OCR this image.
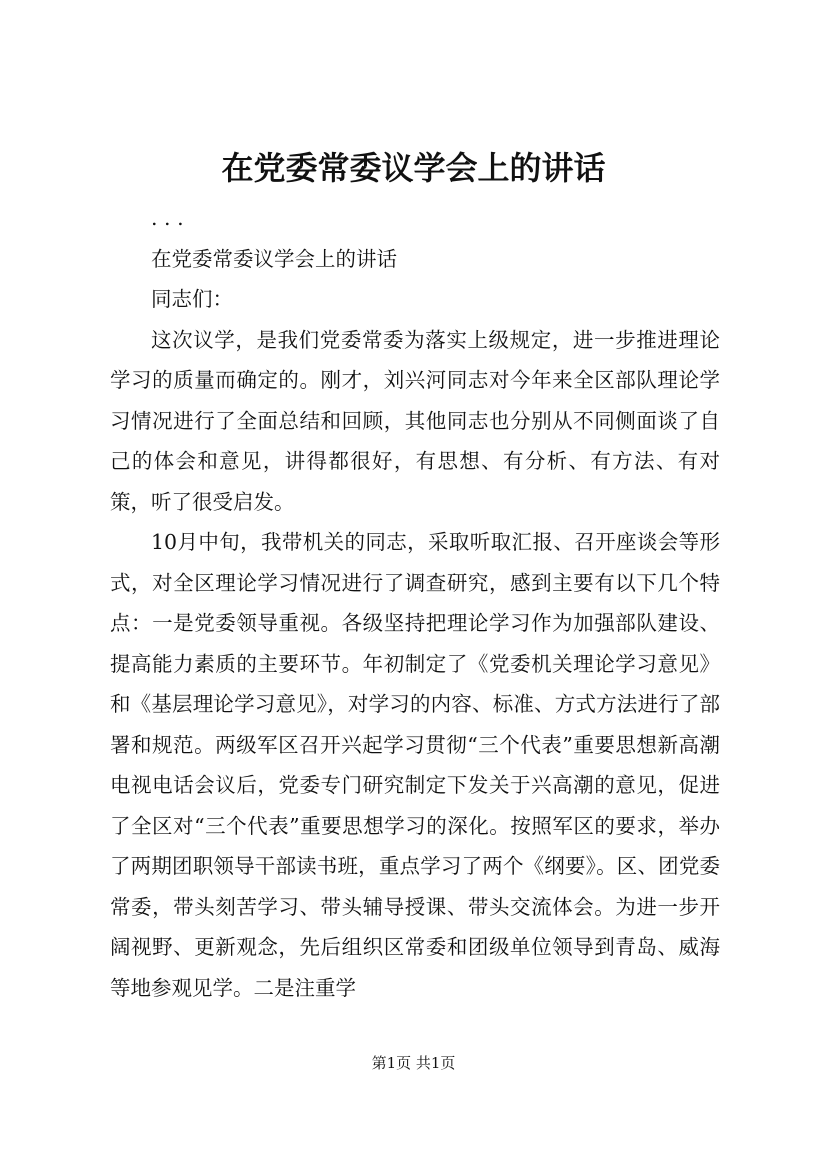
在党委常委议学会上的讲话

. . .

在党委常委议学会上的讲话

同志们：

这次议学，是我们党委常委为落实上级规定，进一步推进理论学习的质量而确定的。刚才，刘兴河同志对今年来全区部队理论学习情况进行了全面总结和回顾，其他同志也分别从不同侧面谈了自己的体会和意见，讲得都很好，有思想、有分析、有方法、有对策，听了很受启发。

10月中旬，我带机关的同志，采取听取汇报、召开座谈会等形式，对全区理论学习情况进行了调查研究，感到主要有以下几个特点：一是党委领导重视。各级坚持把理论学习作为加强部队建设、提高能力素质的主要环节。年初制定了《党委机关理论学习意见》和《基层理论学习意见》，对学习的内容、标准、方式方法进行了部署和规范。两级军区召开兴起学习贯彻“三个代表”重要思想新高潮电视电话会议后，党委专门研究制定下发关于兴高潮的意见，促进了全区对“三个代表”重要思想学习的深化。按照军区的要求，举办了两期团职领导干部读书班，重点学习了两个《纲要》。区、团党委常委，带头刻苦学习、带头辅导授课、带头交流体会。为进一步开阔视野、更新观念，先后组织区常委和团级单位领导到青岛、威海等地参观见学。二是注重学

第1页 共1页
